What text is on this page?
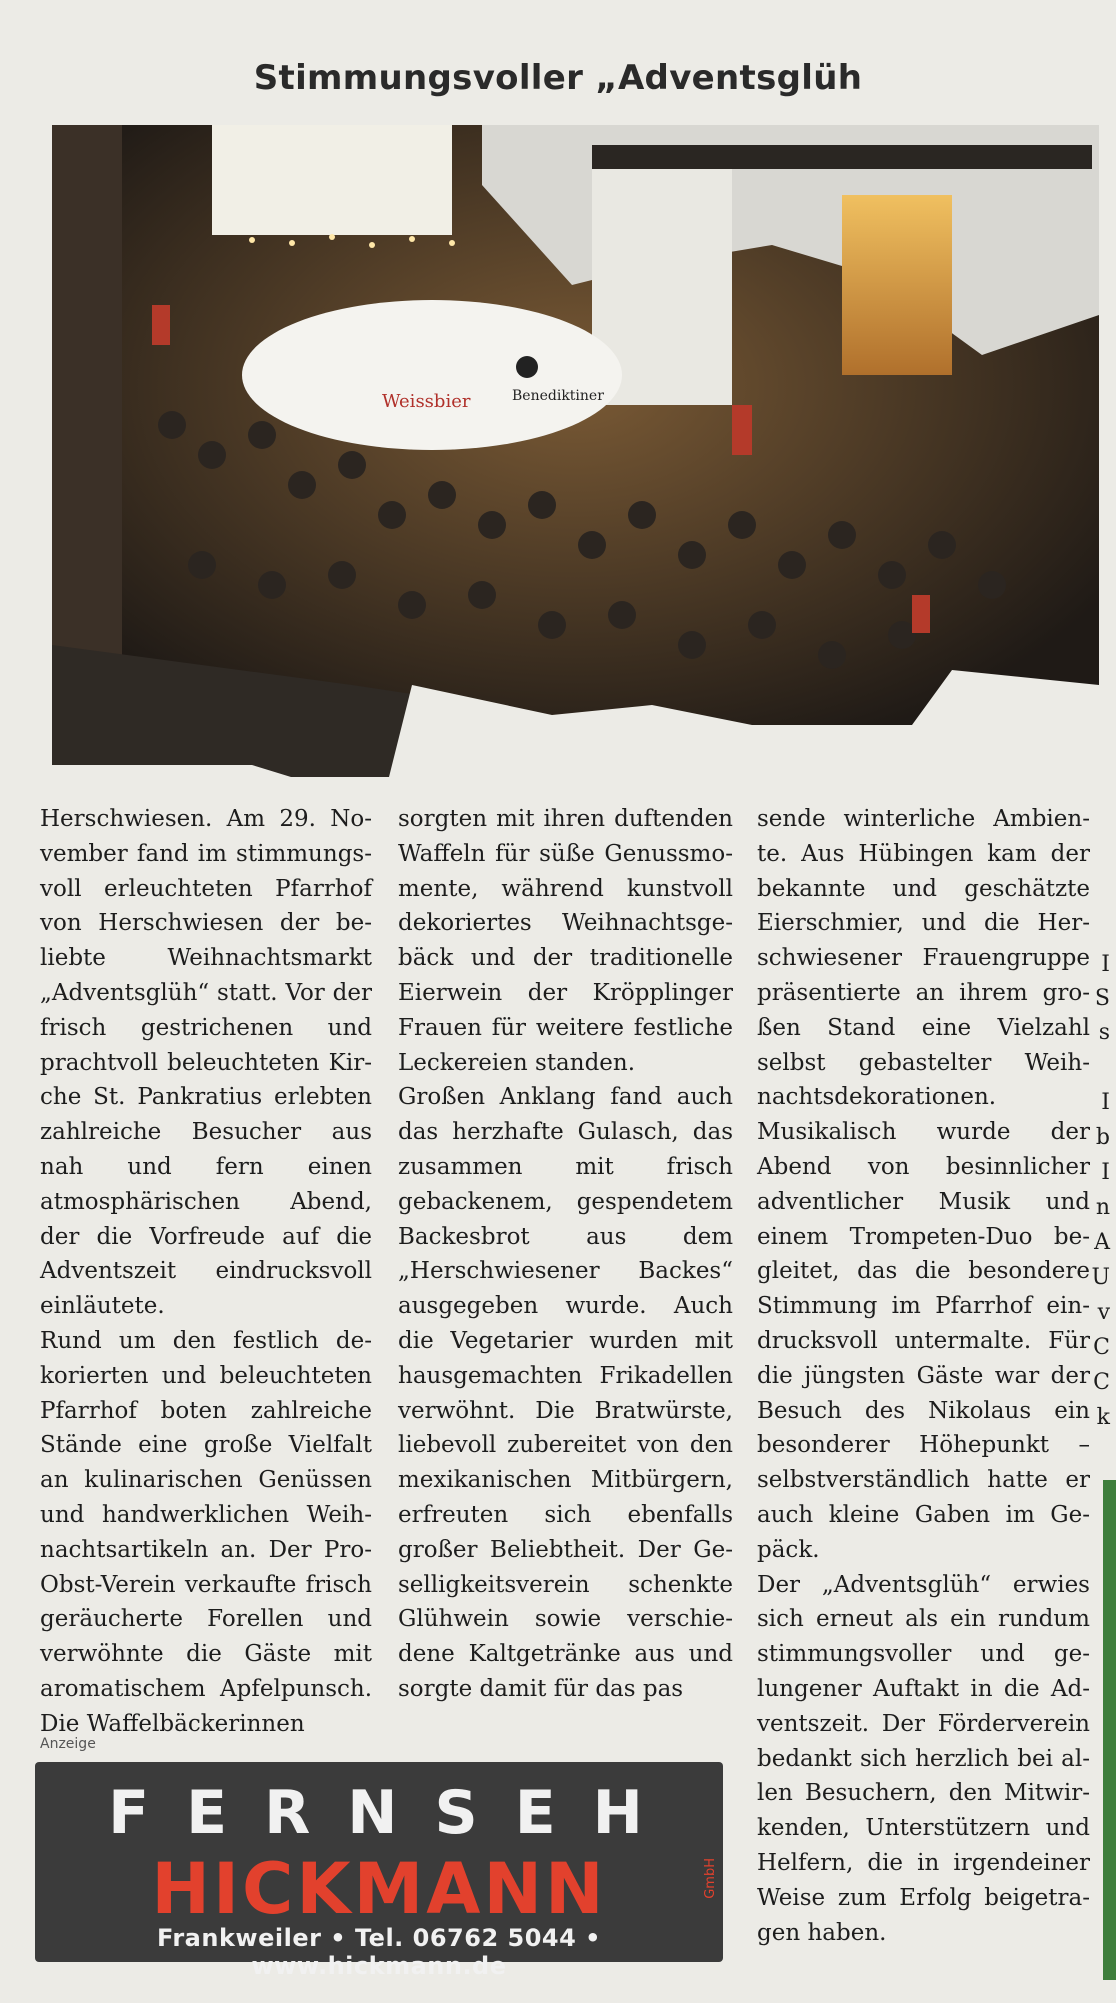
Stimmungsvoller „Adventsglüh
Weissbier	Benediktiner

Herschwiesen. Am 29. November fand im stimmungsvoll erleuchteten Pfarrhof von Herschwiesen der beliebte Weihnachtsmarkt „Adventsglüh“ statt. Vor der frisch gestrichenen und prachtvoll beleuchteten Kirche St. Pankratius erlebten zahlreiche Besucher aus nah und fern einen atmosphärischen Abend, der die Vorfreude auf die Adventszeit eindrucksvoll einläutete.

Rund um den festlich dekorierten und beleuchteten Pfarrhof boten zahlreiche Stände eine große Vielfalt an kulinarischen Genüssen und handwerklichen Weihnachtsartikeln an. Der Pro-Obst-Verein verkaufte frisch geräucherte Forellen und verwöhnte die Gäste mit aromatischem Apfelpunsch. Die Waffelbäckerinnen

sorgten mit ihren duftenden Waffeln für süße Genussmomente, während kunstvoll dekoriertes Weihnachtsgebäck und der traditionelle Eierwein der Kröpplinger Frauen für weitere festliche Leckereien standen.

Großen Anklang fand auch das herzhafte Gulasch, das zusammen mit frisch gebackenem, gespendetem Backesbrot aus dem „Herschwiesener Backes“ ausgegeben wurde. Auch die Vegetarier wurden mit hausgemachten Frikadellen verwöhnt. Die Bratwürste, liebevoll zubereitet von den mexikanischen Mitbürgern, erfreuten sich ebenfalls großer Beliebtheit. Der Geselligkeitsverein schenkte Glühwein sowie verschiedene Kaltgetränke aus und sorgte damit für das pas

sende winterliche Ambiente. Aus Hübingen kam der bekannte und geschätzte Eierschmier, und die Herschwiesener Frauengruppe präsentierte an ihrem großen Stand eine Vielzahl selbst gebastelter Weihnachtsdekorationen.

Musikalisch wurde der Abend von besinnlicher adventlicher Musik und einem Trompeten-Duo begleitet, das die besondere Stimmung im Pfarrhof eindrucksvoll untermalte. Für die jüngsten Gäste war der Besuch des Nikolaus ein besonderer Höhepunkt – selbstverständlich hatte er auch kleine Gaben im Gepäck.

Der „Adventsglüh“ erwies sich erneut als ein rundum stimmungsvoller und gelungener Auftakt in die Adventszeit. Der Förderverein bedankt sich herzlich bei allen Besuchern, den Mitwirkenden, Unterstützern und Helfern, die in irgendeiner Weise zum Erfolg beigetragen haben.

Anzeige
FERNSEH
HICKMANN	GmbH
Frankweiler • Tel. 06762 5044 • www.hickmann.de
I
S
s
I
b
I
n
A
U
v
C
C
k
